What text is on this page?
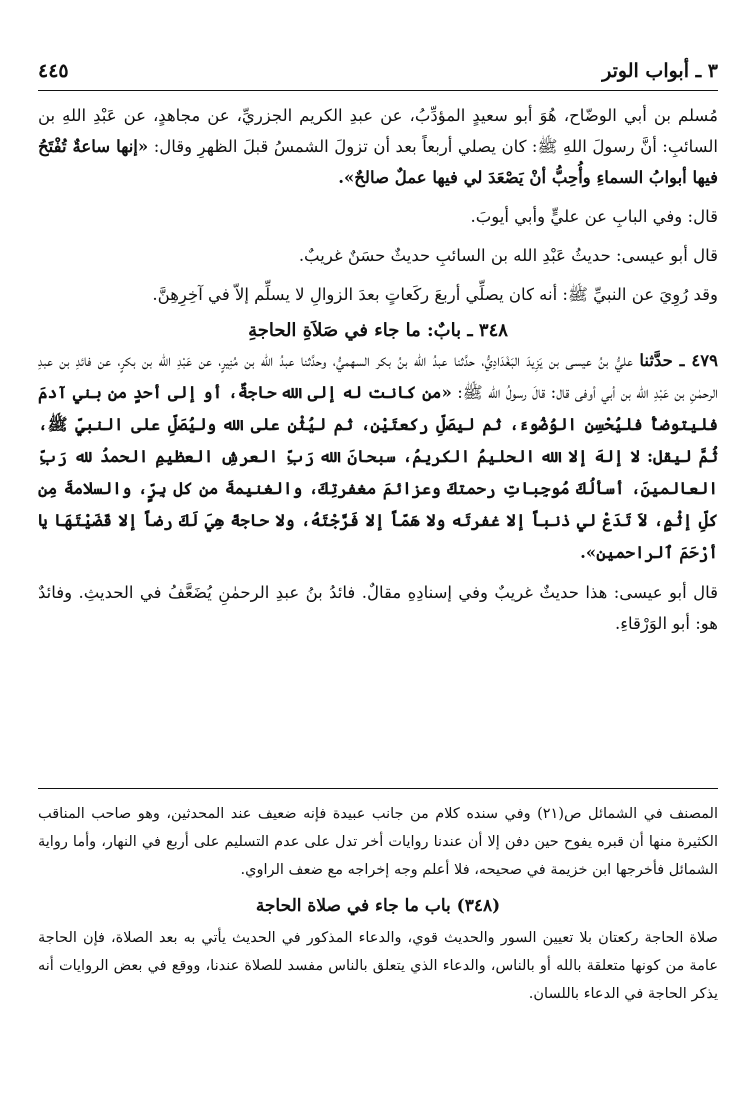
٣ ـ أبواب الوتر
٤٤٥

مُسلم بن أبي الوضّاح، هُوَ أبو سعيدٍ المؤدِّبُ، عن عبدِ الكريم الجزريِّ، عن مجاهدٍ، عن عَبْدِ اللهِ بن السائبِ: أنَّ رسولَ اللهِ ﷺ: كان يصلي أربعاً بعد أن تزولَ الشمسُ قبلَ الظهرِ وقال: «إنها ساعةٌ تُفْتَحُ فيها أبوابُ السماءِ وأُحِبُّ أنْ يَصْعَدَ لي فيها عملٌ صالحٌ».

قال: وفي البابِ عن عليٍّ وأبي أيوبَ.

قال أبو عيسى: حديثُ عَبْدِ الله بن السائبِ حديثٌ حسَنٌ غريبٌ.

وقد رُوِيَ عن النبيِّ ﷺ: أنه كان يصلِّي أربعَ ركَعاتٍ بعدَ الزوالِ لا يسلِّم إلاّ في آخِرِهِنَّ.

٣٤٨ ـ بابٌ: ما جاء في صَلاَةِ الحاجةِ

٤٧٩ ـ حدَّثنا عليُّ بنُ عيسى بن يَزِيدَ البَغْدَادِيُّ، حدَّثنا عبدُ الله بنُ بكر السهميُّ، وحدَّثنا عبدُ الله بن مُنِيرٍ، عن عَبْدِ الله بن بكرٍ، عن فائدِ بن عبدِ الرحمٰنِ بن عَبْدِ الله بن أبي أوفى قال: قالَ رسولُ الله ﷺ: «من كانت له إلى الله حاجةٌ، أو إلى أحدٍ من بني آدمَ فليتوضأْ فليُحْسِنِ الوُضُوءَ، ثم ليصَلِّ ركعتَيْنِ، ثم ليُثْنِ على الله وليُصَلِّ على النبيِّ ﷺ، ثُمَّ ليقل: لا إلهَ إلا الله الحليمُ الكريمُ، سبحانَ الله رَبِّ العرشِ العظيمِ الحمدُ لله رَبِّ العالمينَ، أسألُكَ مُوجِباتِ رحمتكَ وعزائمَ مغفرتِكَ، والغنيمةَ من كل بِرٍّ، والسلامةَ مِن كلِّ إثْمٍ، لاَ تَدَعْ لي ذنباً إلا غفرتَه ولا هَمّاً إلا فَرَّجْتَهُ، ولا حاجةً هِيَ لَكَ رضاً إلا قَضَيْتَهَا يا أرْحَمَ ٱلراحمين».

قال أبو عيسى: هذا حديثٌ غريبٌ وفي إسنادِهِ مقالٌ. فائدُ بنُ عبدِ الرحمٰنِ يُضَعَّفُ في الحديثِ. وفائدٌ هو: أبو الوَرْقاءِ.

المصنف في الشمائل ص(٢١) وفي سنده كلام من جانب عبيدة فإنه ضعيف عند المحدثين، وهو صاحب المناقب الكثيرة منها أن قبره يفوح حين دفن إلا أن عندنا روايات أخر تدل على عدم التسليم على أربع في النهار، وأما رواية الشمائل فأخرجها ابن خزيمة في صحيحه، فلا أعلم وجه إخراجه مع ضعف الراوي.

(٣٤٨) باب ما جاء في صلاة الحاجة

صلاة الحاجة ركعتان بلا تعيين السور والحديث قوي، والدعاء المذكور في الحديث يأتي به بعد الصلاة، فإن الحاجة عامة من كونها متعلقة بالله أو بالناس، والدعاء الذي يتعلق بالناس مفسد للصلاة عندنا، ووقع في بعض الروايات أنه يذكر الحاجة في الدعاء باللسان.
